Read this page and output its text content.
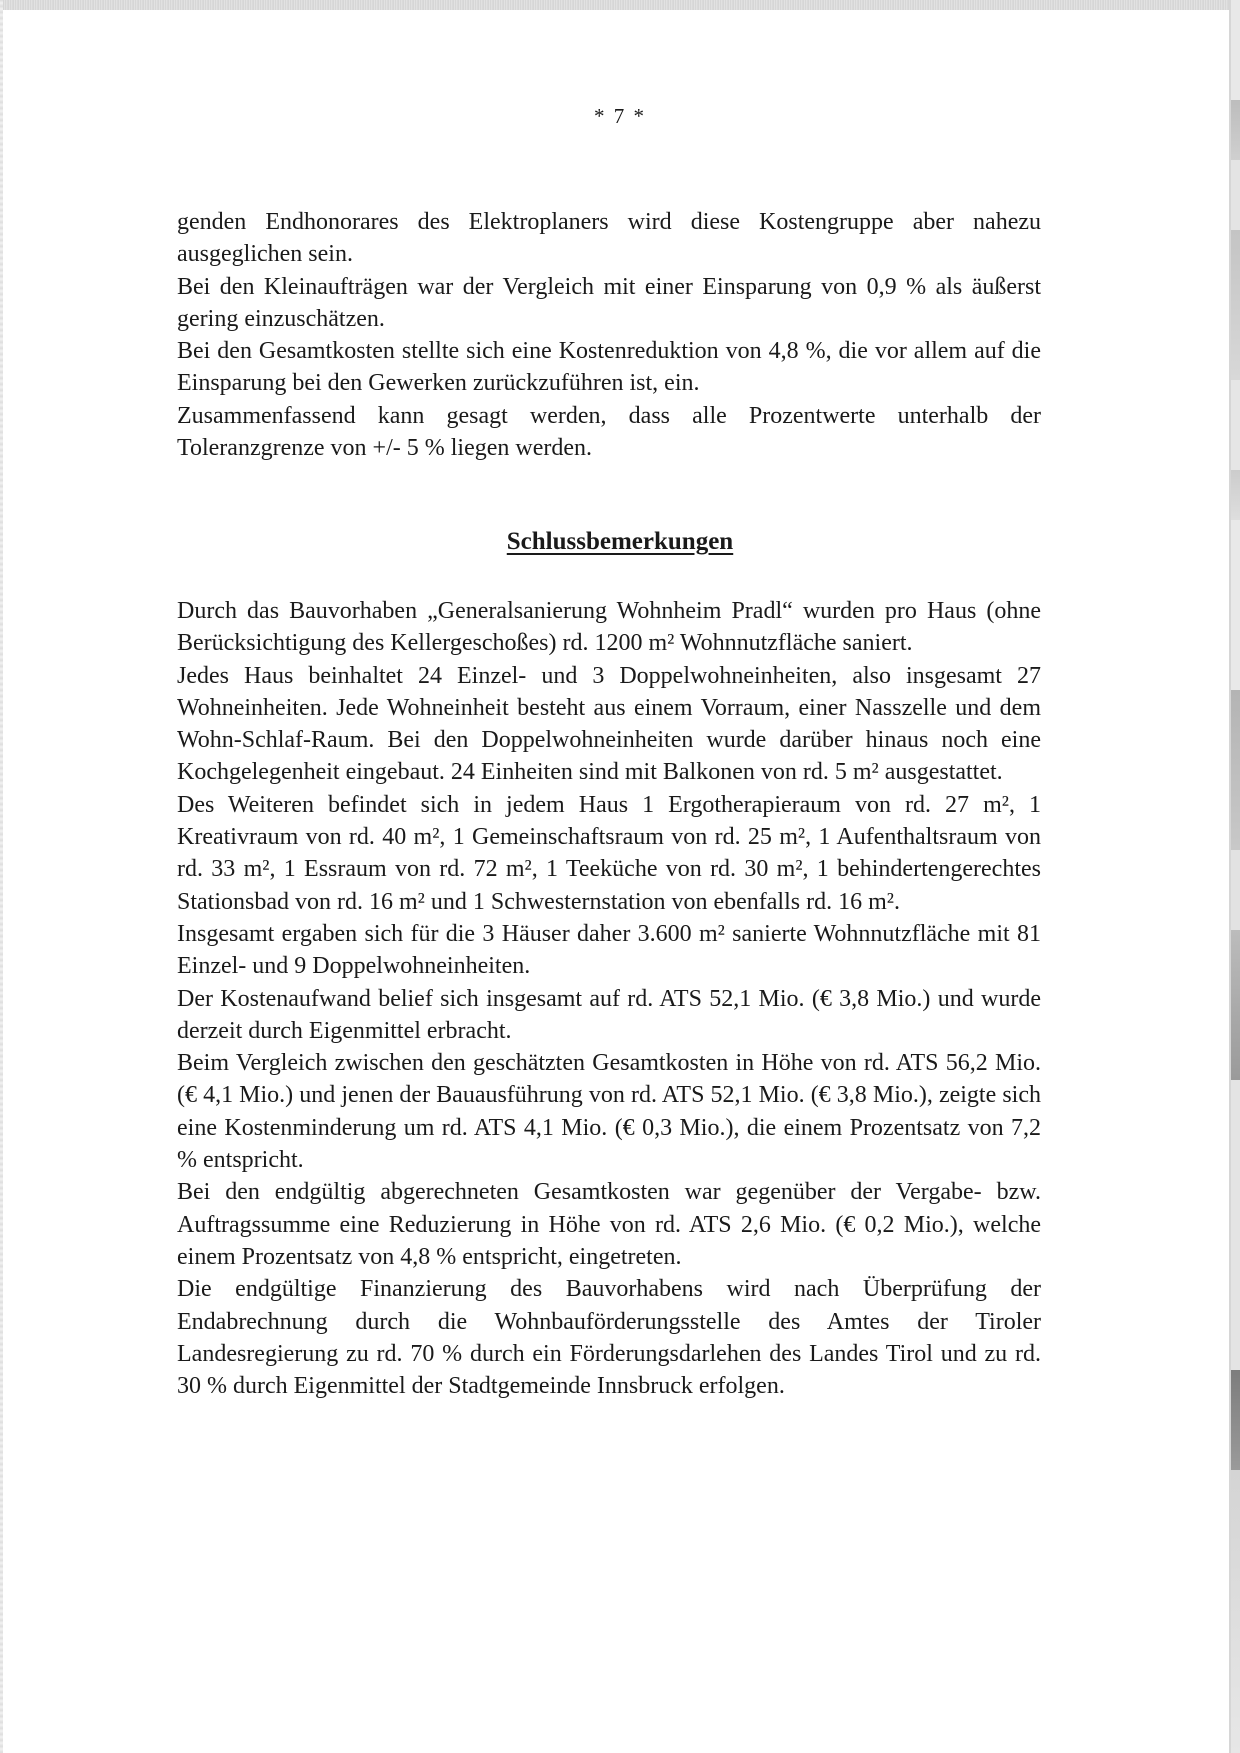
* 7 *

genden Endhonorares des Elektroplaners wird diese Kostengruppe aber nahezu ausgeglichen sein.

Bei den Kleinaufträgen war der Vergleich mit einer Einsparung von 0,9 % als äußerst gering einzuschätzen.

Bei den Gesamtkosten stellte sich eine Kostenreduktion von 4,8 %, die vor allem auf die Einsparung bei den Gewerken zurückzuführen ist, ein.

Zusammenfassend kann gesagt werden, dass alle Prozentwerte unterhalb der Toleranzgrenze von +/- 5 % liegen werden.

Schlussbemerkungen

Durch das Bauvorhaben „Generalsanierung Wohnheim Pradl“ wurden pro Haus (ohne Berücksichtigung des Kellergeschoßes) rd. 1200 m² Wohnnutzfläche saniert.

Jedes Haus beinhaltet 24 Einzel- und 3 Doppelwohneinheiten, also insgesamt 27 Wohneinheiten. Jede Wohneinheit besteht aus einem Vorraum, einer Nasszelle und dem Wohn-Schlaf-Raum. Bei den Doppelwohneinheiten wurde darüber hinaus noch eine Kochgelegenheit eingebaut. 24 Einheiten sind mit Balkonen von rd. 5 m² ausgestattet.

Des Weiteren befindet sich in jedem Haus 1 Ergotherapieraum von rd. 27 m², 1 Kreativraum von rd. 40 m², 1 Gemeinschaftsraum von rd. 25 m², 1 Aufenthaltsraum von rd. 33 m², 1 Essraum von rd. 72 m², 1 Teeküche von rd. 30 m², 1 behindertengerechtes Stationsbad von rd. 16 m² und 1 Schwesternstation von ebenfalls rd. 16 m².

Insgesamt ergaben sich für die 3 Häuser daher 3.600 m² sanierte Wohnnutzfläche mit 81 Einzel- und 9 Doppelwohneinheiten.

Der Kostenaufwand belief sich insgesamt auf rd. ATS 52,1 Mio. (€ 3,8 Mio.) und wurde derzeit durch Eigenmittel erbracht.

Beim Vergleich zwischen den geschätzten Gesamtkosten in Höhe von rd. ATS 56,2 Mio. (€ 4,1 Mio.) und jenen der Bauausführung von rd. ATS 52,1 Mio. (€ 3,8 Mio.), zeigte sich eine Kostenminderung um rd. ATS 4,1 Mio. (€ 0,3 Mio.), die einem Prozentsatz von 7,2 % entspricht.

Bei den endgültig abgerechneten Gesamtkosten war gegenüber der Vergabe- bzw. Auftragssumme eine Reduzierung in Höhe von rd. ATS 2,6 Mio. (€ 0,2 Mio.), welche einem Prozentsatz von 4,8 % entspricht, eingetreten.

Die endgültige Finanzierung des Bauvorhabens wird nach Überprüfung der Endabrechnung durch die Wohnbauförderungsstelle des Amtes der Tiroler Landesregierung zu rd. 70 % durch ein Förderungsdarlehen des Landes Tirol und zu rd. 30 % durch Eigenmittel der Stadtgemeinde Innsbruck erfolgen.
